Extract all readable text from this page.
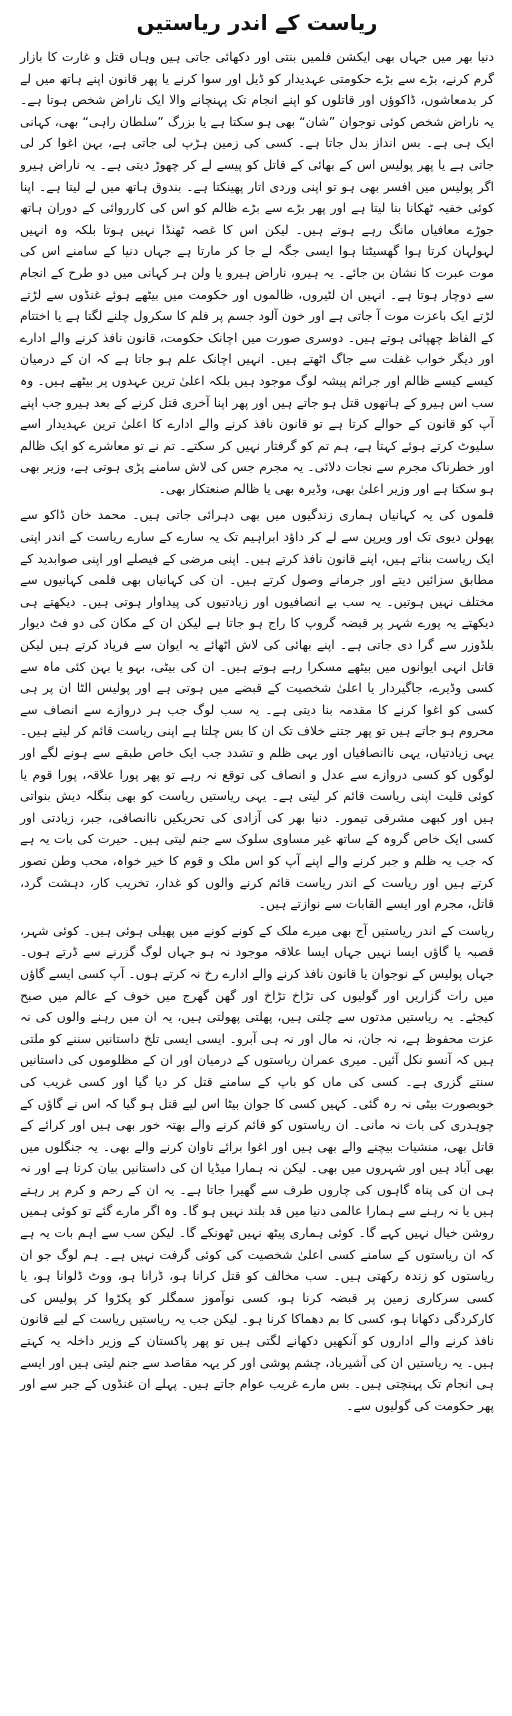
ریاست کے اندر ریاستیں

دنیا بھر میں جہاں بھی ایکشن فلمیں بنتی اور دکھائی جاتی ہیں وہاں قتل و غارت کا بازار گرم کرنے، بڑے سے بڑے حکومتی عہدیدار کو ڈیل اور سوا کرنے یا پھر قانون اپنے ہاتھ میں لے کر بدمعاشوں، ڈاکوؤں اور قاتلوں کو اپنے انجام تک پہنچانے والا ایک ناراض شخص ہوتا ہے۔ یہ ناراض شخص کوئی نوجوان ”شان“ بھی ہو سکتا ہے یا بزرگ ”سلطان راہی“ بھی، کہانی ایک ہی ہے۔ بس انداز بدل جاتا ہے۔ کسی کی زمین ہڑپ لی جاتی ہے، بہن اغوا کر لی جاتی ہے یا پھر پولیس اس کے بھائی کے قاتل کو پیسے لے کر چھوڑ دیتی ہے۔ یہ ناراض ہیرو اگر پولیس میں افسر بھی ہو تو اپنی وردی اتار پھینکتا ہے۔ بندوق ہاتھ میں لے لیتا ہے۔ اپنا کوئی خفیہ ٹھکانا بنا لیتا ہے اور پھر بڑے سے بڑے ظالم کو اس کی کارروائی کے دوران ہاتھ جوڑے معافیاں مانگ رہے ہوتے ہیں۔ لیکن اس کا غصہ ٹھنڈا نہیں ہوتا بلکہ وہ انہیں لہولہان کرتا ہوا گھسیٹتا ہوا ایسی جگہ لے جا کر مارتا ہے جہاں دنیا کے سامنے اس کی موت عبرت کا نشان بن جائے۔ یہ ہیرو، ناراض ہیرو یا ولن ہر کہانی میں دو طرح کے انجام سے دوچار ہوتا ہے۔ انہیں ان لٹیروں، ظالموں اور حکومت میں بیٹھے ہوئے غنڈوں سے لڑتے لڑتے ایک باعزت موت آ جاتی ہے اور خون آلود جسم پر فلم کا سکرول چلنے لگتا ہے یا اختتام کے الفاظ چھپائی ہوتے ہیں۔ دوسری صورت میں اچانک حکومت، قانون نافذ کرنے والے ادارے اور دیگر خواب غفلت سے جاگ اٹھتے ہیں۔ انہیں اچانک علم ہو جاتا ہے کہ ان کے درمیان کیسے کیسے ظالم اور جرائم پیشہ لوگ موجود ہیں بلکہ اعلیٰ ترین عہدوں پر بیٹھے ہیں۔ وہ سب اس ہیرو کے ہاتھوں قتل ہو جاتے ہیں اور پھر اپنا آخری قتل کرنے کے بعد ہیرو جب اپنے آپ کو قانون کے حوالے کرتا ہے تو قانون نافذ کرنے والے ادارے کا اعلیٰ ترین عہدیدار اسے سلیوٹ کرتے ہوئے کہتا ہے، ہم تم کو گرفتار نہیں کر سکتے۔ تم نے تو معاشرے کو ایک ظالم اور خطرناک مجرم سے نجات دلائی۔ یہ مجرم جس کی لاش سامنے پڑی ہوتی ہے، وزیر بھی ہو سکتا ہے اور وزیر اعلیٰ بھی، وڈیرہ بھی یا ظالم صنعتکار بھی۔

فلموں کی یہ کہانیاں ہماری زندگیوں میں بھی دہرائی جاتی ہیں۔ محمد خان ڈاکو سے پھولن دیوی تک اور ویرپن سے لے کر داؤد ابراہیم تک یہ سارے کے سارے ریاست کے اندر اپنی ایک ریاست بناتے ہیں، اپنے قانون نافذ کرتے ہیں۔ اپنی مرضی کے فیصلے اور اپنی صوابدید کے مطابق سزائیں دیتے اور جرمانے وصول کرتے ہیں۔ ان کی کہانیاں بھی فلمی کہانیوں سے مختلف نہیں ہوتیں۔ یہ سب بے انصافیوں اور زیادتیوں کی پیداوار ہوتی ہیں۔ دیکھتے ہی دیکھتے یہ پورے شہر پر قبضہ گروپ کا راج ہو جاتا ہے لیکن ان کے مکان کی دو فٹ دیوار بلڈوزر سے گرا دی جاتی ہے۔ اپنے بھائی کی لاش اٹھائے یہ ایوان سے فریاد کرتے ہیں لیکن قاتل انہی ایوانوں میں بیٹھے مسکرا رہے ہوتے ہیں۔ ان کی بیٹی، بہو یا بہن کئی ماہ سے کسی وڈیرے، جاگیردار یا اعلیٰ شخصیت کے قبضے میں ہوتی ہے اور پولیس الٹا ان پر ہی کسی کو اغوا کرنے کا مقدمہ بنا دیتی ہے۔ یہ سب لوگ جب ہر دروازے سے انصاف سے محروم ہو جاتے ہیں تو پھر جتنے خلاف تک ان کا بس چلتا ہے اپنی ریاست قائم کر لیتے ہیں۔ یہی زیادتیاں، یہی ناانصافیاں اور یہی ظلم و تشدد جب ایک خاص طبقے سے ہونے لگے اور لوگوں کو کسی دروازے سے عدل و انصاف کی توقع نہ رہے تو پھر پورا علاقہ، پورا قوم یا کوئی قلیت اپنی ریاست قائم کر لیتی ہے۔ یہی ریاستیں ریاست کو بھی بنگلہ دیش بنواتی ہیں اور کبھی مشرقی تیمور۔ دنیا بھر کی آزادی کی تحریکیں ناانصافی، جبر، زیادتی اور کسی ایک خاص گروہ کے ساتھ غیر مساوی سلوک سے جنم لیتی ہیں۔ حیرت کی بات یہ ہے کہ جب یہ ظلم و جبر کرنے والے اپنے آپ کو اس ملک و قوم کا خیر خواہ، محب وطن تصور کرتے ہیں اور ریاست کے اندر ریاست قائم کرنے والوں کو غدار، تخریب کار، دہشت گرد، قاتل، مجرم اور ایسے القابات سے نوازتے ہیں۔

ریاست کے اندر ریاستیں آج بھی میرے ملک کے کونے کونے میں پھیلی ہوئی ہیں۔ کوئی شہر، قصبہ یا گاؤں ایسا نہیں جہاں ایسا علاقہ موجود نہ ہو جہاں لوگ گزرنے سے ڈرتے ہوں۔ جہاں پولیس کے نوجوان یا قانون نافذ کرنے والے ادارے رخ نہ کرتے ہوں۔ آپ کسی ایسے گاؤں میں رات گزاریں اور گولیوں کی تڑاخ تڑاخ اور گھن گھرج میں خوف کے عالم میں صبح کیجئے۔ یہ ریاستیں مدتوں سے چلتی ہیں، پھلتی پھولتی ہیں، یہ ان میں رہنے والوں کی نہ عزت محفوظ ہے، نہ جان، نہ مال اور نہ ہی آبرو۔ ایسی ایسی تلخ داستانیں سننے کو ملتی ہیں کہ آنسو نکل آئیں۔ میری عمران ریاستوں کے درمیان اور ان کے مظلوموں کی داستانیں سنتے گزری ہے۔ کسی کی ماں کو باپ کے سامنے قتل کر دیا گیا اور کسی غریب کی خوبصورت بیٹی نہ رہ گئی۔ کہیں کسی کا جوان بیٹا اس لیے قتل ہو گیا کہ اس نے گاؤں کے چوہدری کی بات نہ مانی۔ ان ریاستوں کو قائم کرنے والے بھتہ خور بھی ہیں اور کرائے کے قاتل بھی، منشیات بیچنے والے بھی ہیں اور اغوا برائے تاوان کرنے والے بھی۔ یہ جنگلوں میں بھی آباد ہیں اور شہروں میں بھی۔ لیکن نہ ہمارا میڈیا ان کی داستانیں بیان کرتا ہے اور نہ ہی ان کی پناہ گاہوں کی چاروں طرف سے گھیرا جاتا ہے۔ یہ ان کے رحم و کرم پر رہتے ہیں یا نہ رہنے سے ہمارا عالمی دنیا میں قد بلند نہیں ہو گا۔ وہ اگر مارے گئے تو کوئی ہمیں روشن خیال نہیں کہے گا۔ کوئی ہماری پیٹھ نہیں ٹھونکے گا۔ لیکن سب سے اہم بات یہ ہے کہ ان ریاستوں کے سامنے کسی اعلیٰ شخصیت کی کوئی گرفت نہیں ہے۔ ہم لوگ جو ان ریاستوں کو زندہ رکھتی ہیں۔ سب مخالف کو قتل کرانا ہو، ڈرانا ہو، ووٹ ڈلوانا ہو، یا کسی سرکاری زمین پر قبضہ کرنا ہو، کسی نوآموز سمگلر کو پکڑوا کر پولیس کی کارکردگی دکھانا ہو، کسی کا بم دھماکا کرنا ہو۔ لیکن جب یہ ریاستیں ریاست کے لیے قانون نافذ کرنے والے اداروں کو آنکھیں دکھانے لگتی ہیں تو پھر پاکستان کے وزیر داخلہ یہ کہتے ہیں۔ یہ ریاستیں ان کی آشیرباد، چشم پوشی اور کر یہہ مقاصد سے جنم لیتی ہیں اور ایسے ہی انجام تک پہنچتی ہیں۔ بس مارے غریب عوام جاتے ہیں۔ پہلے ان غنڈوں کے جبر سے اور پھر حکومت کی گولیوں سے۔
